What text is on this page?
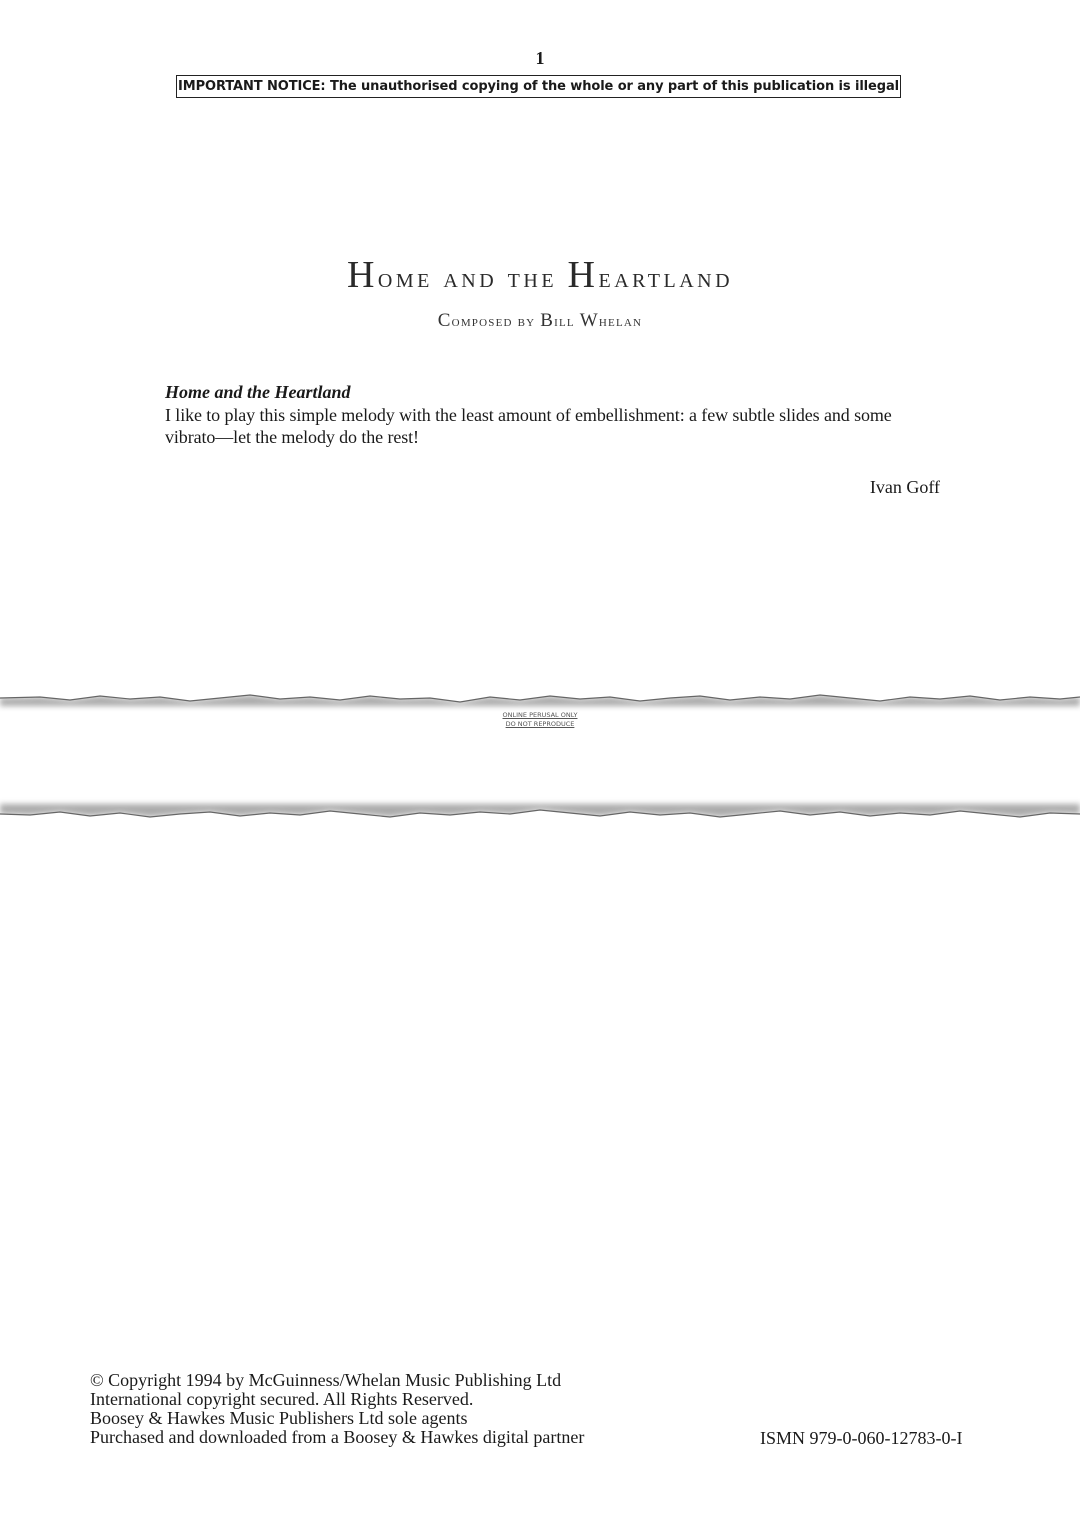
1
IMPORTANT NOTICE: The unauthorised copying of the whole or any part of this publication is illegal
Home and the Heartland
Composed by Bill Whelan
Home and the Heartland
I like to play this simple melody with the least amount of embellishment: a few subtle slides and some vibrato—let the melody do the rest!
Ivan Goff
ONLINE PERUSAL ONLY
DO NOT REPRODUCE
© Copyright 1994 by McGuinness/Whelan Music Publishing Ltd
International copyright secured. All Rights Reserved.
Boosey & Hawkes Music Publishers Ltd sole agents
Purchased and downloaded from a Boosey & Hawkes digital partner	ISMN 979-0-060-12783-0-I
